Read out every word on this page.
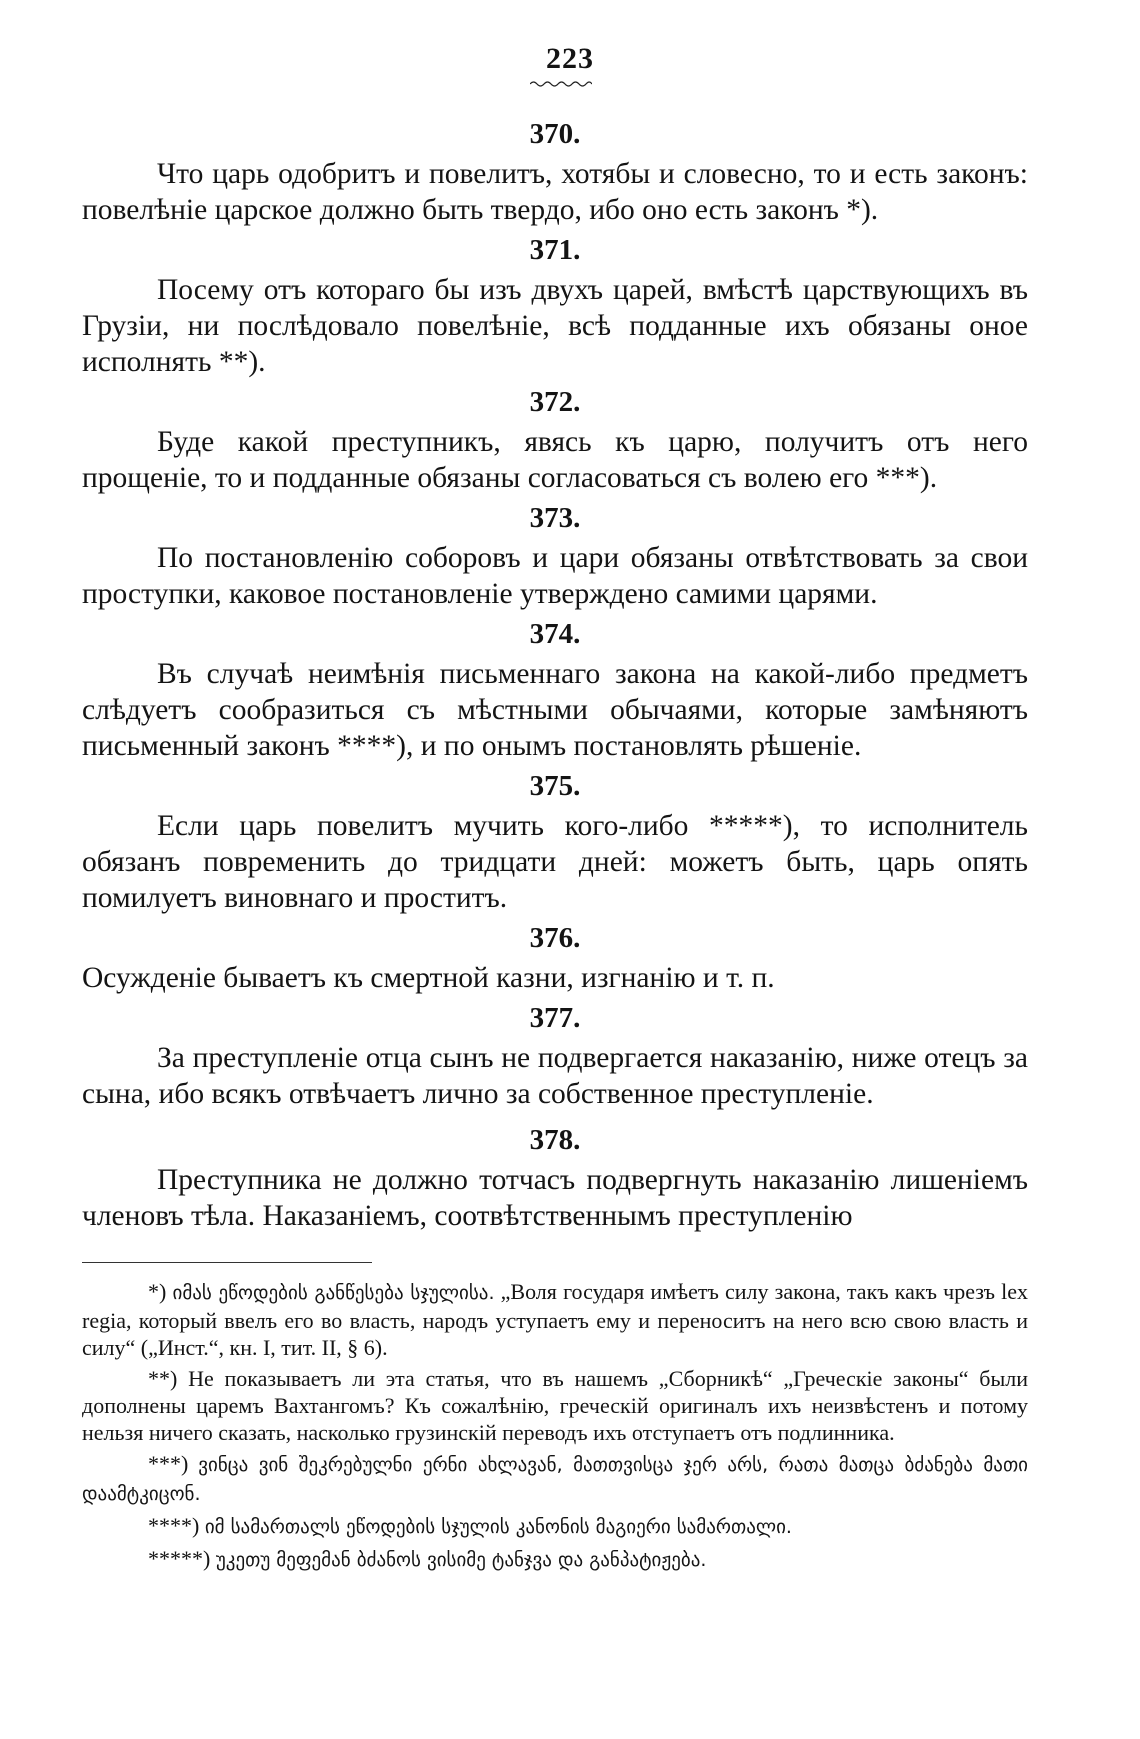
223
370.

Что царь одобритъ и повелитъ, хотябы и словесно, то и есть законъ: повелѣніе царское должно быть твердо, ибо оно есть законъ *).

371.

Посему отъ котораго бы изъ двухъ царей, вмѣстѣ царствующихъ въ Грузіи, ни послѣдовало повелѣніе, всѣ подданные ихъ обязаны оное исполнять **).

372.

Буде какой преступникъ, явясь къ царю, получитъ отъ него прощеніе, то и подданные обязаны согласоваться съ волею его ***).

373.

По постановленію соборовъ и цари обязаны отвѣтствовать за свои проступки, каковое постановленіе утверждено самими царями.

374.

Въ случаѣ неимѣнія письменнаго закона на какой-либо предметъ слѣдуетъ сообразиться съ мѣстными обычаями, которые замѣняютъ письменный законъ ****), и по онымъ постановлять рѣшеніе.

375.

Если царь повелитъ мучить кого-либо *****), то исполнитель обязанъ повременить до тридцати дней: можетъ быть, царь опять помилуетъ виновнаго и проститъ.

376.

Осужденіе бываетъ къ смертной казни, изгнанію и т. п.

377.

За преступленіе отца сынъ не подвергается наказанію, ниже отецъ за сына, ибо всякъ отвѣчаетъ лично за собственное преступленіе.

378.

Преступника не должно тотчасъ подвергнуть наказанію лишеніемъ членовъ тѣла. Наказаніемъ, соотвѣтственнымъ преступленію

*) იმას ეწოდების განწესება სჯულისა. „Воля государя имѣетъ силу закона, такъ какъ чрезъ lex regia, который ввелъ его во власть, народъ уступаетъ ему и переноситъ на него всю свою власть и силу“ („Инст.“, кн. I, тит. II, § 6).

**) Не показываетъ ли эта статья, что въ нашемъ „Сборникѣ“ „Греческіе законы“ были дополнены царемъ Вахтангомъ? Къ сожалѣнію, греческій оригиналъ ихъ неизвѣстенъ и потому нельзя ничего сказать, насколько грузинскій переводъ ихъ отступаетъ отъ подлинника.

***) ვინცა ვინ შეკრებულნი ერნი ახლავან, მათთვისცა ჯერ არს, რათა მათცა ბძანება მათი დაამტკიცონ.

****) იმ სამართალს ეწოდების სჯულის კანონის მაგიერი სამართალი.

*****) უკეთუ მეფემან ბძანოს ვისიმე ტანჯვა და განპატიჟება.
